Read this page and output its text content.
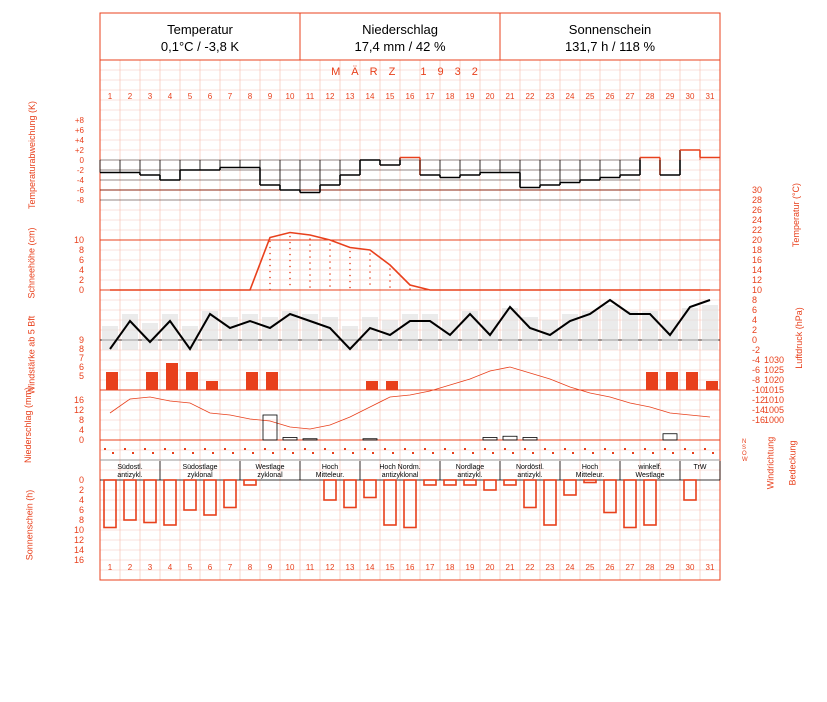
1
1
2
2
3
3
4
4
5
5
6
6
7
7
8
8
9
9
10
10
11
11
12
12
13
13
14
14
15
15
16
16
17
17
18
18
19
19
20
20
21
21
22
22
23
23
24
24
25
25
26
26
27
27
28
28
29
29
30
30
31
31
+8
+6
+4
+2
0
-2
-4
-6
-8
30
28
26
24
22
20
18
16
14
12
10
8
6
4
2
0
-2
-4
-6
-8
-10
-12
-14
-16
10
8
6
4
2
0
9
8
7
6
5
1030
1025
1020
1015
1010
1005
1000
16
12
8
4
0	N
S
O
W
Südostl.
antizykl.
Südostlage
zyklonal
Westlage
zyklonal
Hoch
Mitteleur.
Hoch Nordm.
antizyklonal
Nordlage
antizykl.
Nordöstl.
antizykl.
Hoch
Mitteleur.
winkelf.
Westlage
TrW
0
2
4
6
8
10
12
14
16
Temperatur
0,1°C / -3,8 K
Niederschlag
17,4 mm / 42 %
Sonnenschein
131,7 h / 118 %
MÄRZ 1932
Temperaturabweichung (K)
Schneehöhe (cm)
Windstärke ab 5 Bft
Niederschlag (mm)
Sonnenschein (h)
Temperatur (°C)
Luftdruck (hPa)
Windrichtung Bedeckung
